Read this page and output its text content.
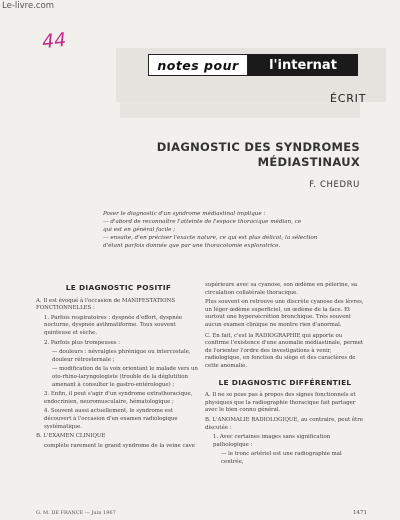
Le-livre.com
44
notes pour l'internat
ÉCRIT
DIAGNOSTIC DES SYNDROMES
MÉDIASTINAUX
F. CHEDRU
Poser le diagnostic d'un syndrome médiastinal implique :
— d'abord de reconnaître l'atteinte de l'espace thoracique médian, ce
qui est en général facile ;
— ensuite, d'en préciser l'exacte nature, ce qui est plus délicat, la sélection
d'étant parfois donnée que par une thoracotomie exploratrice.
LE DIAGNOSTIC POSITIF
A. Il est évoqué à l'occasion de MANIFESTATIONS FONCTIONNELLES :
1. Parfois respiratoires : dyspnée d'effort, dyspnée nocturne, dyspnée asthmatiforme. Toux souvent quinteuse et sèche.
2. Parfois plus trompeuses :
— douleurs : névralgies phrénique ou intercostale, douleur rétrosternale ;
— modification de la voix orientant le malade vers un oto-rhino-laryngologiste (trouble de la déglutition amenant à consulter le gastro-entérologue) ;
3. Enfin, il peut s'agir d'un syndrome extrathoracique, endocrinien, neuromusculaire, hématologique ;
4. Souvent aussi actuellement, le syndrome est découvert à l'occasion d'un examen radiologique systématique.
B. L'EXAMEN CLINIQUE
complète rarement le grand syndrome de la veine cave
supérieure avec sa cyanose, son œdème en pèlerine, sa circulation collatérale thoracique.
Plus souvent on retrouve une discrète cyanose des lèvres, un léger œdème superficiel, un œdème de la face. Et surtout une hypersécrétion bronchique. Très souvent aucun examen clinique ne montre rien d'anormal.
C. En fait, c'est la RADIOGRAPHIE qui apporte ou confirme l'existence d'une anomalie médiastinale, permet de l'orienter l'ordre des investigations à venir, radiologique, en fonction du siège et des caractères de cette anomalie.
LE DIAGNOSTIC DIFFÉRENTIEL
A. Il ne se pose pas à propos des signes fonctionnels et physiques que la radiographie thoracique fait partager avec le bien connu général.
B. L'ANOMALIE RADIOLOGIQUE, au contraire, peut être discutée :
1. Avec certaines images sans signification pathologique :
— le tronc artériel est une radiographie mal centrée,
G. M. DE FRANCE — Juin 1967	1471
